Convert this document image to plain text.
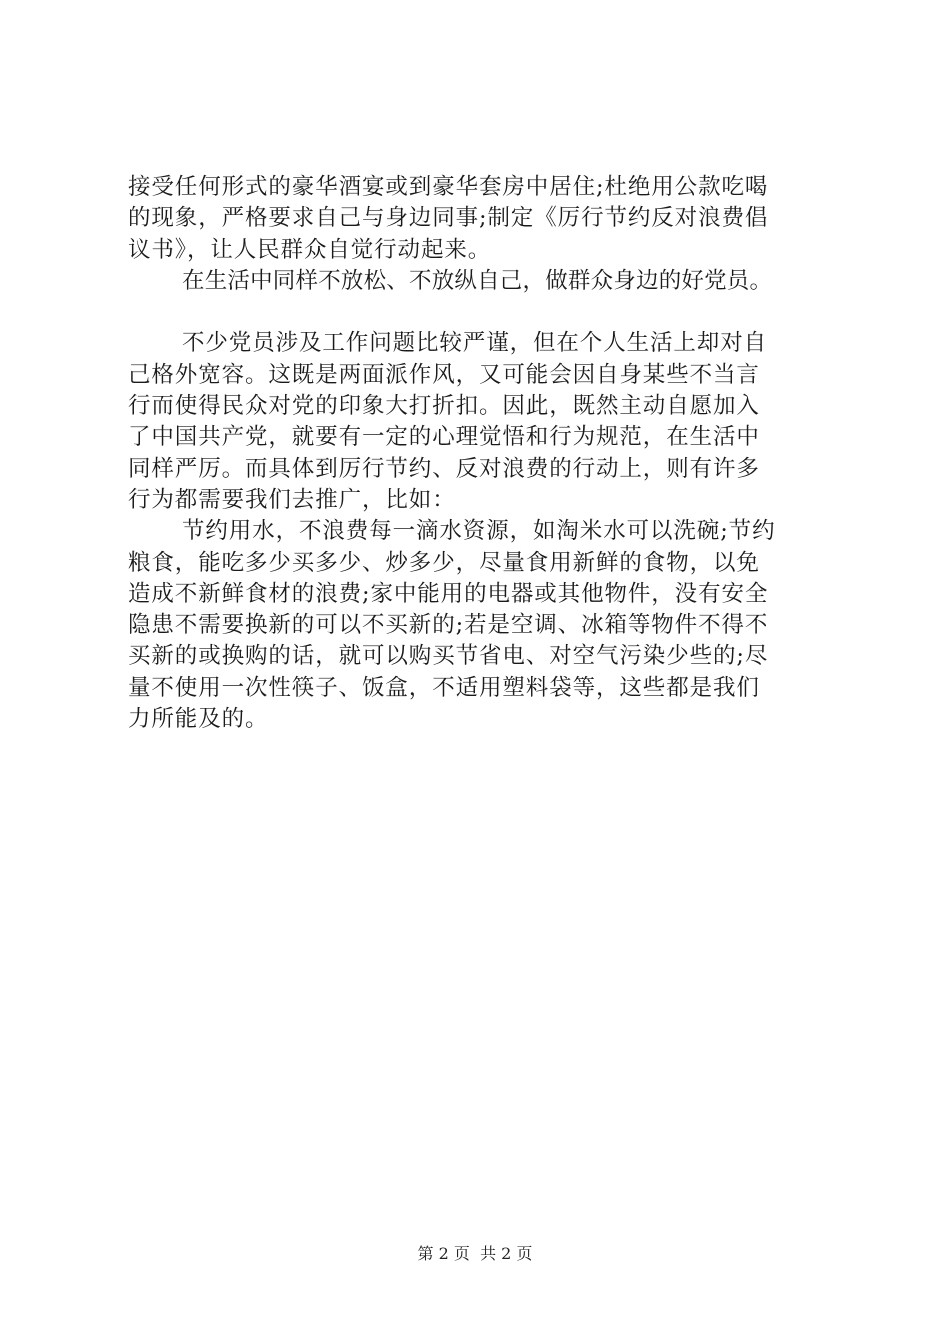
接受任何形式的豪华酒宴或到豪华套房中居住;杜绝用公款吃喝
的现象，严格要求自己与身边同事;制定《厉行节约反对浪费倡
议书》，让人民群众自觉行动起来。
在生活中同样不放松、不放纵自己，做群众身边的好党员。
不少党员涉及工作问题比较严谨，但在个人生活上却对自
己格外宽容。这既是两面派作风，又可能会因自身某些不当言
行而使得民众对党的印象大打折扣。因此，既然主动自愿加入
了中国共产党，就要有一定的心理觉悟和行为规范，在生活中
同样严厉。而具体到厉行节约、反对浪费的行动上，则有许多
行为都需要我们去推广，比如：
节约用水，不浪费每一滴水资源，如淘米水可以洗碗;节约
粮食，能吃多少买多少、炒多少，尽量食用新鲜的食物，以免
造成不新鲜食材的浪费;家中能用的电器或其他物件，没有安全
隐患不需要换新的可以不买新的;若是空调、冰箱等物件不得不
买新的或换购的话，就可以购买节省电、对空气污染少些的;尽
量不使用一次性筷子、饭盒，不适用塑料袋等，这些都是我们
力所能及的。
第 2 页 共 2 页
